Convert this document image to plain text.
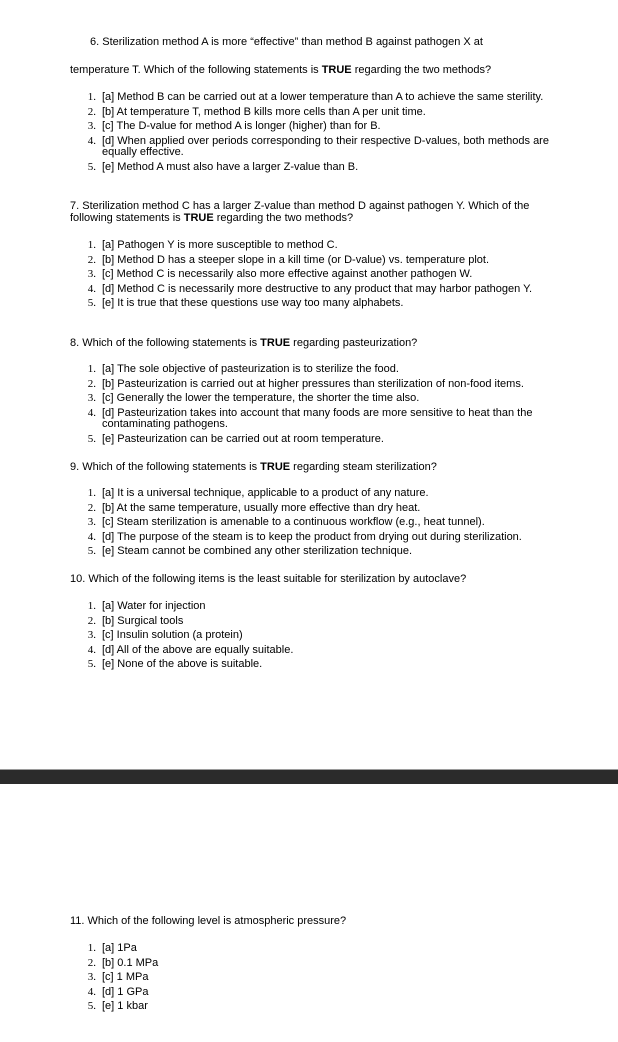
6. Sterilization method A is more “effective” than method B against pathogen X at
temperature T. Which of the following statements is TRUE regarding the two methods?
1. [a] Method B can be carried out at a lower temperature than A to achieve the same sterility.
2. [b] At temperature T, method B kills more cells than A per unit time.
3. [c] The D-value for method A is longer (higher) than for B.
4. [d] When applied over periods corresponding to their respective D-values, both methods are equally effective.
5. [e] Method A must also have a larger Z-value than B.
7. Sterilization method C has a larger Z-value than method D against pathogen Y. Which of the
following statements is TRUE regarding the two methods?
1. [a] Pathogen Y is more susceptible to method C.
2. [b] Method D has a steeper slope in a kill time (or D-value) vs. temperature plot.
3. [c] Method C is necessarily also more effective against another pathogen W.
4. [d] Method C is necessarily more destructive to any product that may harbor pathogen Y.
5. [e] It is true that these questions use way too many alphabets.
8. Which of the following statements is TRUE regarding pasteurization?
1. [a] The sole objective of pasteurization is to sterilize the food.
2. [b] Pasteurization is carried out at higher pressures than sterilization of non-food items.
3. [c] Generally the lower the temperature, the shorter the time also.
4. [d] Pasteurization takes into account that many foods are more sensitive to heat than the contaminating pathogens.
5. [e] Pasteurization can be carried out at room temperature.
9. Which of the following statements is TRUE regarding steam sterilization?
1. [a] It is a universal technique, applicable to a product of any nature.
2. [b] At the same temperature, usually more effective than dry heat.
3. [c] Steam sterilization is amenable to a continuous workflow (e.g., heat tunnel).
4. [d] The purpose of the steam is to keep the product from drying out during sterilization.
5. [e] Steam cannot be combined any other sterilization technique.
10. Which of the following items is the least suitable for sterilization by autoclave?
1. [a] Water for injection
2. [b] Surgical tools
3. [c] Insulin solution (a protein)
4. [d] All of the above are equally suitable.
5. [e] None of the above is suitable.
11. Which of the following level is atmospheric pressure?
1. [a] 1Pa
2. [b] 0.1 MPa
3. [c] 1 MPa
4. [d] 1 GPa
5. [e] 1 kbar
